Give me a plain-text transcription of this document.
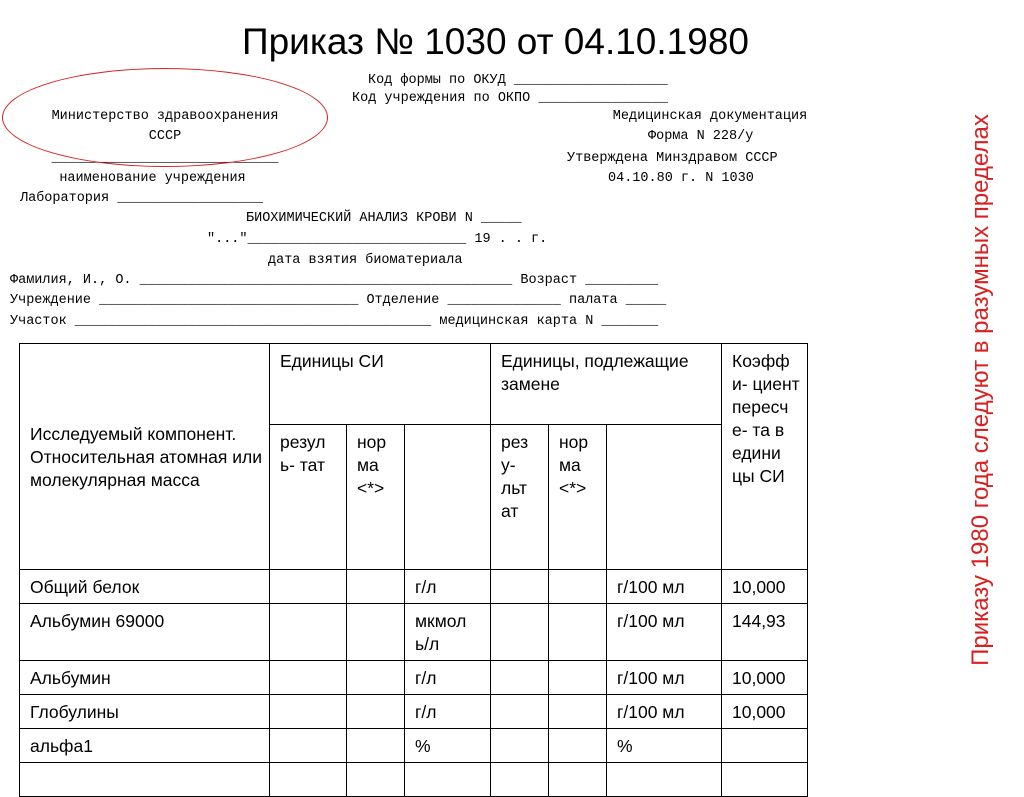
Приказ № 1030 от 04.10.1980
Код формы по ОКУД ___________________
Код учреждения по ОКПО ________________
Министерство здравоохранения
СССР
____________________________
наименование учреждения
Медицинская документация
Форма N 228/у
Утверждена Минздравом СССР
04.10.80 г. N 1030
Лаборатория __________________
БИОХИМИЧЕСКИЙ АНАЛИЗ КРОВИ N _____
"..."___________________________ 19 . . г.
дата взятия биоматериала
Фамилия, И., О. ______________________________________________ Возраст _________
Учреждение ________________________________ Отделение ______________ палата _____
Участок ____________________________________________ медицинская карта N _______	Приказу 1980 года следуют в разумных пределах
Исследуемый компонент. Относительная атомная или молекулярная масса	Единицы СИ			Единицы, подлежащие замене			Коэфф и- циент пересч е- та в едини цы СИ
	резул ь- тат	нор ма <*>		рез у- льт ат	нор ма <*>		
Общий белок			г/л			г/100 мл	10,000
Альбумин 69000			мкмол ь/л			г/100 мл	144,93
Альбумин			г/л			г/100 мл	10,000
Глобулины			г/л			г/100 мл	10,000
альфа1			%			%	
